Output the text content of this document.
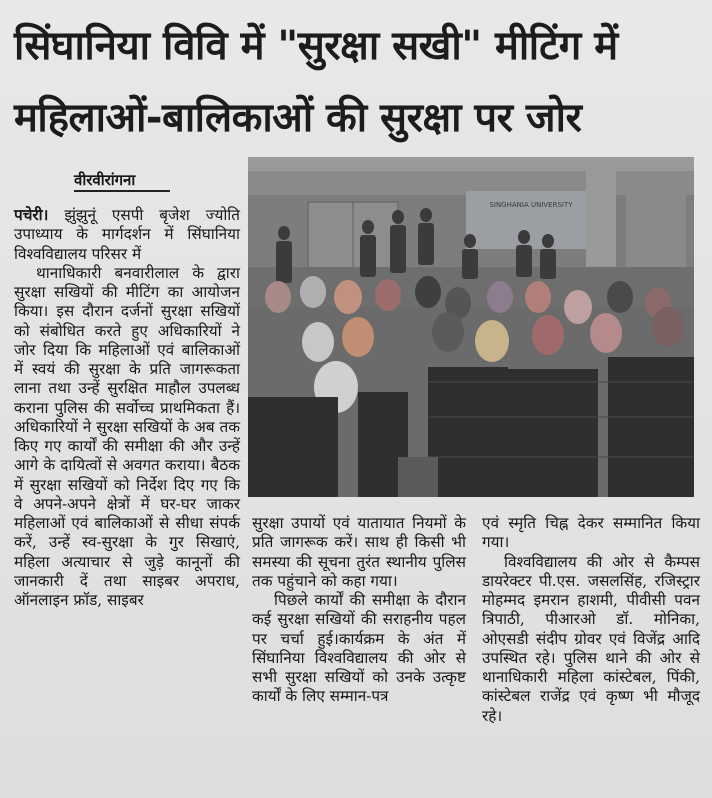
सिंघानिया विवि में "सुरक्षा सखी" मीटिंग में
महिलाओं-बालिकाओं की सुरक्षा पर जोर
वीरवीरांगना

पचेरी। झुंझुनूं एसपी बृजेश ज्योति उपाध्याय के मार्गदर्शन में सिंघानिया विश्वविद्यालय परिसर में

थानाधिकारी बनवारीलाल के द्वारा सुरक्षा सखियों की मीटिंग का आयोजन किया। इस दौरान दर्जनों सुरक्षा सखियों को संबोधित करते हुए अधिकारियों ने जोर दिया कि महिलाओं एवं बालिकाओं में स्वयं की सुरक्षा के प्रति जागरूकता लाना तथा उन्हें सुरक्षित माहौल उपलब्ध कराना पुलिस की सर्वोच्च प्राथमिकता हैं। अधिकारियों ने सुरक्षा सखियों के अब तक किए गए कार्यों की समीक्षा की और उन्हें आगे के दायित्वों से अवगत कराया। बैठक में सुरक्षा सखियों को निर्देश दिए गए कि वे अपने-अपने क्षेत्रों में घर-घर जाकर महिलाओं एवं बालिकाओं से सीधा संपर्क करें, उन्हें स्व-सुरक्षा के गुर सिखाएं, महिला अत्याचार से जुड़े कानूनों की जानकारी दें तथा साइबर अपराध, ऑनलाइन फ्रॉड, साइबर

SINGHANIA UNIVERSITY

सुरक्षा उपायों एवं यातायात नियमों के प्रति जागरूक करें। साथ ही किसी भी समस्या की सूचना तुरंत स्थानीय पुलिस तक पहुंचाने को कहा गया।

पिछले कार्यों की समीक्षा के दौरान कई सुरक्षा सखियों की सराहनीय पहल पर चर्चा हुई।कार्यक्रम के अंत में सिंघानिया विश्वविद्यालय की ओर से सभी सुरक्षा सखियों को उनके उत्कृष्ट कार्यों के लिए सम्मान-पत्र

एवं स्मृति चिह्न देकर सम्मानित किया गया।

विश्वविद्यालय की ओर से कैम्पस डायरेक्टर पी.एस. जसलसिंह, रजिस्ट्रार मोहम्मद इमरान हाशमी, पीवीसी पवन त्रिपाठी, पीआरओ डॉ. मोनिका, ओएसडी संदीप ग्रोवर एवं विजेंद्र आदि उपस्थित रहे। पुलिस थाने की ओर से थानाधिकारी महिला कांस्टेबल, पिंकी, कांस्टेबल राजेंद्र एवं कृष्ण भी मौजूद रहे।
